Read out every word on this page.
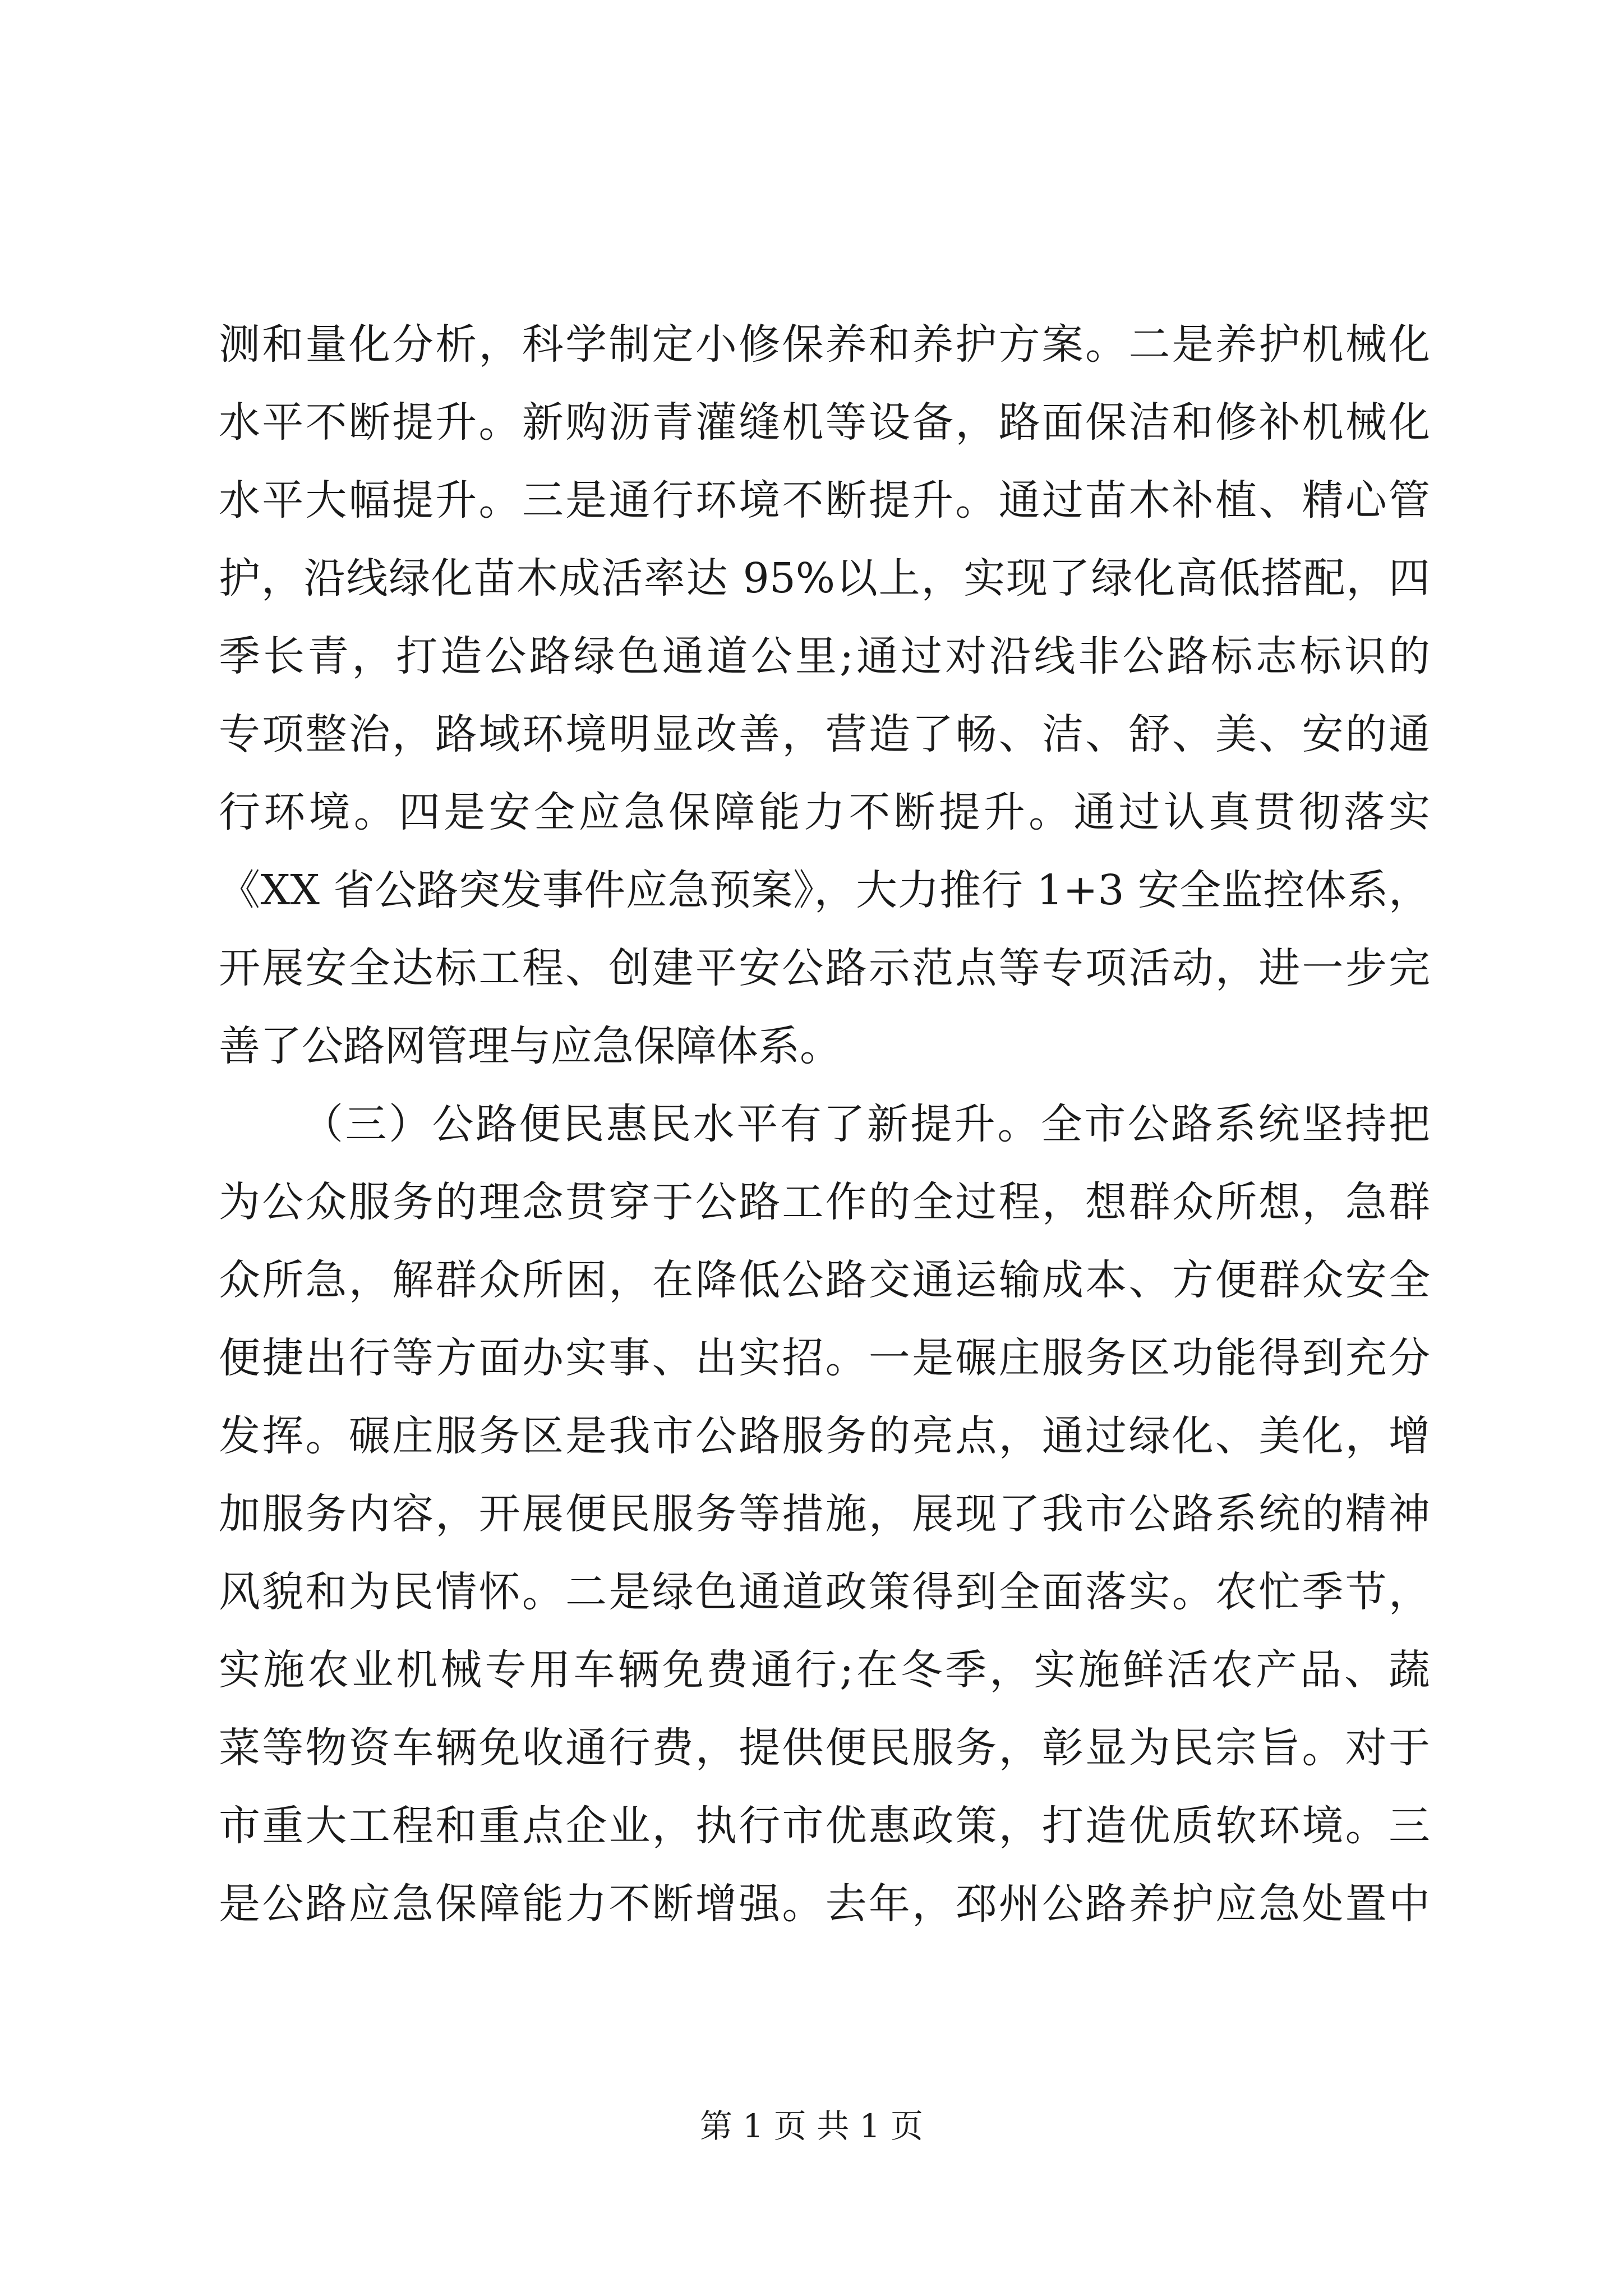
测和量化分析，科学制定小修保养和养护方案。二是养护机械化
水平不断提升。新购沥青灌缝机等设备，路面保洁和修补机械化
水平大幅提升。三是通行环境不断提升。通过苗木补植、精心管
护，沿线绿化苗木成活率达 95%以上，实现了绿化高低搭配，四
季长青，打造公路绿色通道公里;通过对沿线非公路标志标识的
专项整治，路域环境明显改善，营造了畅、洁、舒、美、安的通
行环境。四是安全应急保障能力不断提升。通过认真贯彻落实
《XX 省公路突发事件应急预案》，大力推行 1+3 安全监控体系，
开展安全达标工程、创建平安公路示范点等专项活动，进一步完
善了公路网管理与应急保障体系。
（三）公路便民惠民水平有了新提升。全市公路系统坚持把
为公众服务的理念贯穿于公路工作的全过程，想群众所想，急群
众所急，解群众所困，在降低公路交通运输成本、方便群众安全
便捷出行等方面办实事、出实招。一是碾庄服务区功能得到充分
发挥。碾庄服务区是我市公路服务的亮点，通过绿化、美化，增
加服务内容，开展便民服务等措施，展现了我市公路系统的精神
风貌和为民情怀。二是绿色通道政策得到全面落实。农忙季节，
实施农业机械专用车辆免费通行;在冬季，实施鲜活农产品、蔬
菜等物资车辆免收通行费，提供便民服务，彰显为民宗旨。对于
市重大工程和重点企业，执行市优惠政策，打造优质软环境。三
是公路应急保障能力不断增强。去年，邳州公路养护应急处置中
第 1 页 共 1 页
